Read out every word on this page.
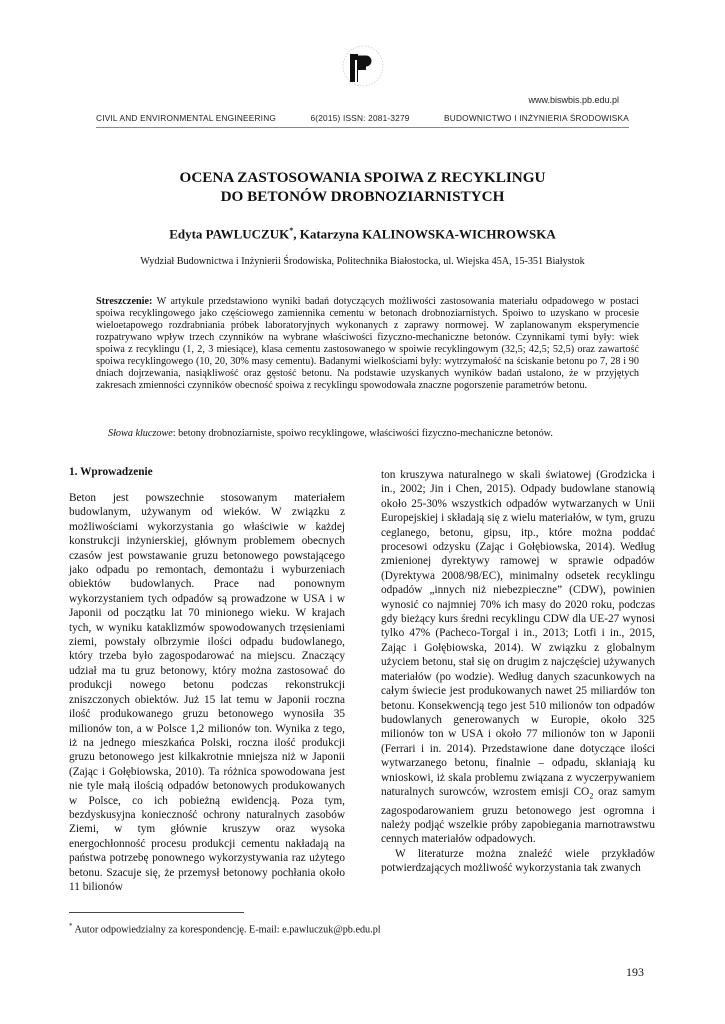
www.biswbis.pb.edu.pl
CIVIL AND ENVIRONMENTAL ENGINEERING	6(2015) ISSN: 2081-3279	BUDOWNICTWO I INŻYNIERIA ŚRODOWISKA
OCENA ZASTOSOWANIA SPOIWA Z RECYKLINGU
DO BETONÓW DROBNOZIARNISTYCH
Edyta PAWLUCZUK*, Katarzyna KALINOWSKA-WICHROWSKA
Wydział Budownictwa i Inżynierii Środowiska, Politechnika Białostocka, ul. Wiejska 45A, 15-351 Białystok
Streszczenie: W artykule przedstawiono wyniki badań dotyczących możliwości zastosowania materiału odpadowego w postaci spoiwa recyklingowego jako częściowego zamiennika cementu w betonach drobnoziarnistych. Spoiwo to uzyskano w procesie wieloetapowego rozdrabniania próbek laboratoryjnych wykonanych z zaprawy normowej. W zaplanowanym eksperymencie rozpatrywano wpływ trzech czynników na wybrane właściwości fizyczno-mechaniczne betonów. Czynnikami tymi były: wiek spoiwa z recyklingu (1, 2, 3 miesiące), klasa cementu zastosowanego w spoiwie recyklingowym (32,5; 42,5; 52,5) oraz zawartość spoiwa recyklingowego (10, 20, 30% masy cementu). Badanymi wielkościami były: wytrzymałość na ściskanie betonu po 7, 28 i 90 dniach dojrzewania, nasiąkliwość oraz gęstość betonu. Na podstawie uzyskanych wyników badań ustalono, że w przyjętych zakresach zmienności czynników obecność spoiwa z recyklingu spowodowała znaczne pogorszenie parametrów betonu.
Słowa kluczowe: betony drobnoziarniste, spoiwo recyklingowe, właściwości fizyczno-mechaniczne betonów.
1. Wprowadzenie
Beton jest powszechnie stosowanym materiałem budowlanym, używanym od wieków. W związku z możliwościami wykorzystania go właściwie w każdej konstrukcji inżynierskiej, głównym problemem obecnych czasów jest powstawanie gruzu betonowego powstającego jako odpadu po remontach, demontażu i wyburzeniach obiektów budowlanych. Prace nad ponownym wykorzystaniem tych odpadów są prowadzone w USA i w Japonii od początku lat 70 minionego wieku. W krajach tych, w wyniku kataklizmów spowodowanych trzęsieniami ziemi, powstały olbrzymie ilości odpadu budowlanego, który trzeba było zagospodarować na miejscu. Znaczący udział ma tu gruz betonowy, który można zastosować do produkcji nowego betonu podczas rekonstrukcji zniszczonych obiektów. Już 15 lat temu w Japonii roczna ilość produkowanego gruzu betonowego wynosiła 35 milionów ton, a w Polsce 1,2 milionów ton. Wynika z tego, iż na jednego mieszkańca Polski, roczna ilość produkcji gruzu betonowego jest kilkakrotnie mniejsza niż w Japonii (Zając i Gołębiowska, 2010). Ta różnica spowodowana jest nie tyle małą ilością odpadów betonowych produkowanych w Polsce, co ich pobieżną ewidencją. Poza tym, bezdyskusyjna konieczność ochrony naturalnych zasobów Ziemi, w tym głównie kruszyw oraz wysoka energochłonność procesu produkcji cementu nakładają na państwa potrzebę ponownego wykorzystywania raz użytego betonu. Szacuje się, że przemysł betonowy pochłania około 11 bilionów
ton kruszywa naturalnego w skali światowej (Grodzicka i in., 2002; Jin i Chen, 2015). Odpady budowlane stanowią około 25-30% wszystkich odpadów wytwarzanych w Unii Europejskiej i składają się z wielu materiałów, w tym, gruzu ceglanego, betonu, gipsu, itp., które można poddać procesowi odzysku (Zając i Gołębiowska, 2014). Według zmienionej dyrektywy ramowej w sprawie odpadów (Dyrektywa 2008/98/EC), minimalny odsetek recyklingu odpadów „innych niż niebezpieczne” (CDW), powinien wynosić co najmniej 70% ich masy do 2020 roku, podczas gdy bieżący kurs średni recyklingu CDW dla UE-27 wynosi tylko 47% (Pacheco-Torgal i in., 2013; Lotfi i in., 2015, Zając i Gołębiowska, 2014). W związku z globalnym użyciem betonu, stał się on drugim z najczęściej używanych materiałów (po wodzie). Według danych szacunkowych na całym świecie jest produkowanych nawet 25 miliardów ton betonu. Konsekwencją tego jest 510 milionów ton odpadów budowlanych generowanych w Europie, około 325 milionów ton w USA i około 77 milionów ton w Japonii (Ferrari i in. 2014). Przedstawione dane dotyczące ilości wytwarzanego betonu, finalnie – odpadu, skłaniają ku wnioskowi, iż skala problemu związana z wyczerpywaniem naturalnych surowców, wzrostem emisji $CO_2$ oraz samym zagospodarowaniem gruzu betonowego jest ogromna i należy podjąć wszelkie próby zapobiegania marnotrawstwu cennych materiałów odpadowych.
W literaturze można znaleźć wiele przykładów potwierdzających możliwość wykorzystania tak zwanych
* Autor odpowiedzialny za korespondencję. E-mail: e.pawluczuk@pb.edu.pl
193
